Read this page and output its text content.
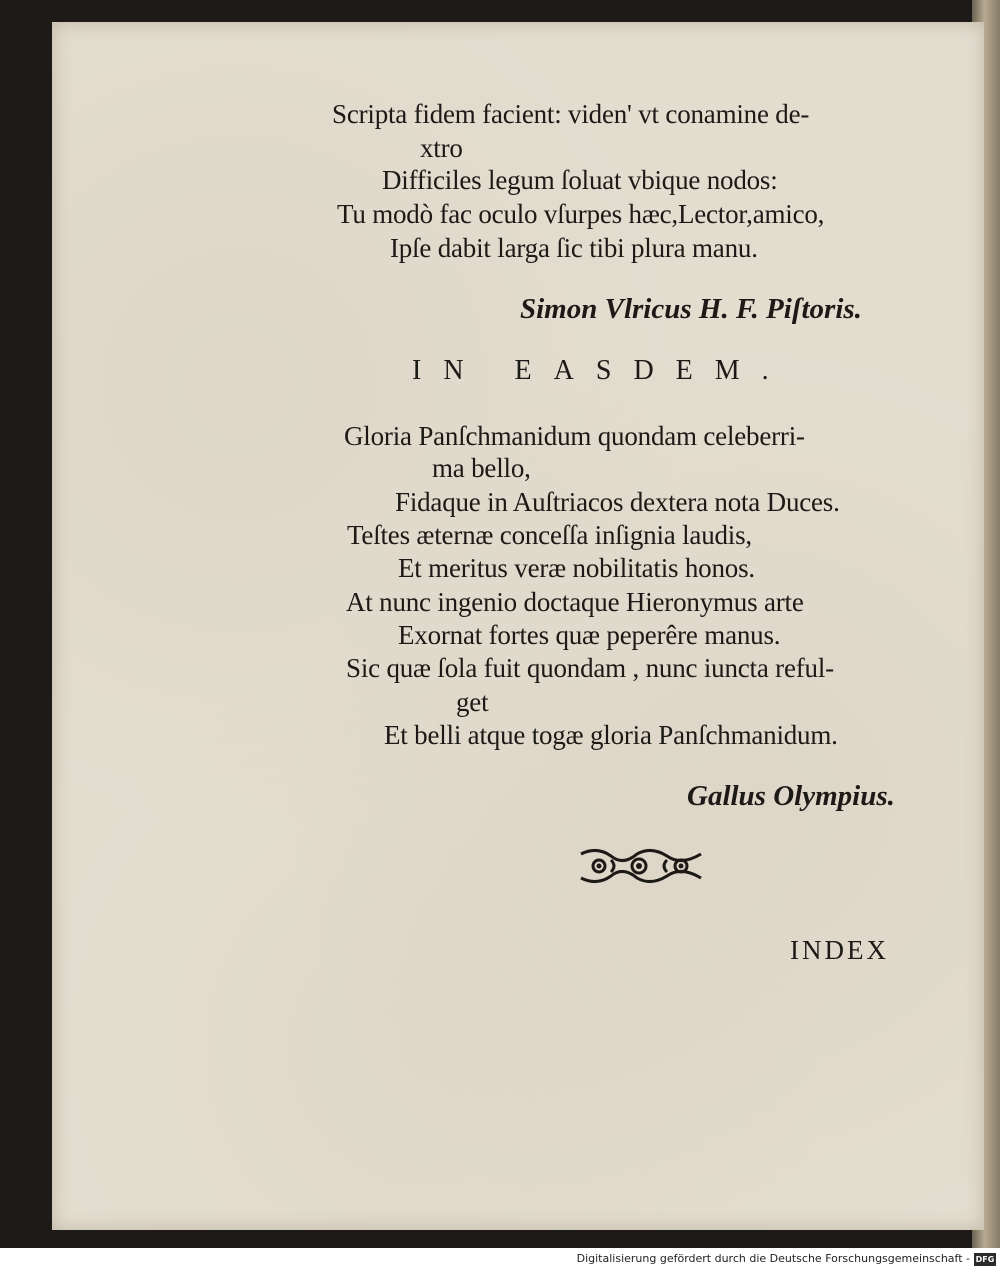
Scripta fidem facient: viden' vt conamine de-
xtro
Difficiles legum ſoluat vbique nodos:
Tu modò fac oculo vſurpes hæc,Lector,amico,
Ipſe dabit larga ſic tibi plura manu.
Simon Vlricus H. F. Piſtoris.
IN EASDEM.
Gloria Panſchmanidum quondam celeberri-
ma bello,
Fidaque in Auſtriacos dextera nota Duces.
Teſtes æternæ conceſſa inſignia laudis,
Et meritus veræ nobilitatis honos.
At nunc ingenio doctaque Hieronymus arte
Exornat fortes quæ peperêre manus.
Sic quæ ſola fuit quondam , nunc iuncta reful-
get
Et belli atque togæ gloria Panſchmanidum.
Gallus Olympius.
INDEX
Digitalisierung gefördert durch die Deutsche Forschungsgemeinschaft - DFG
